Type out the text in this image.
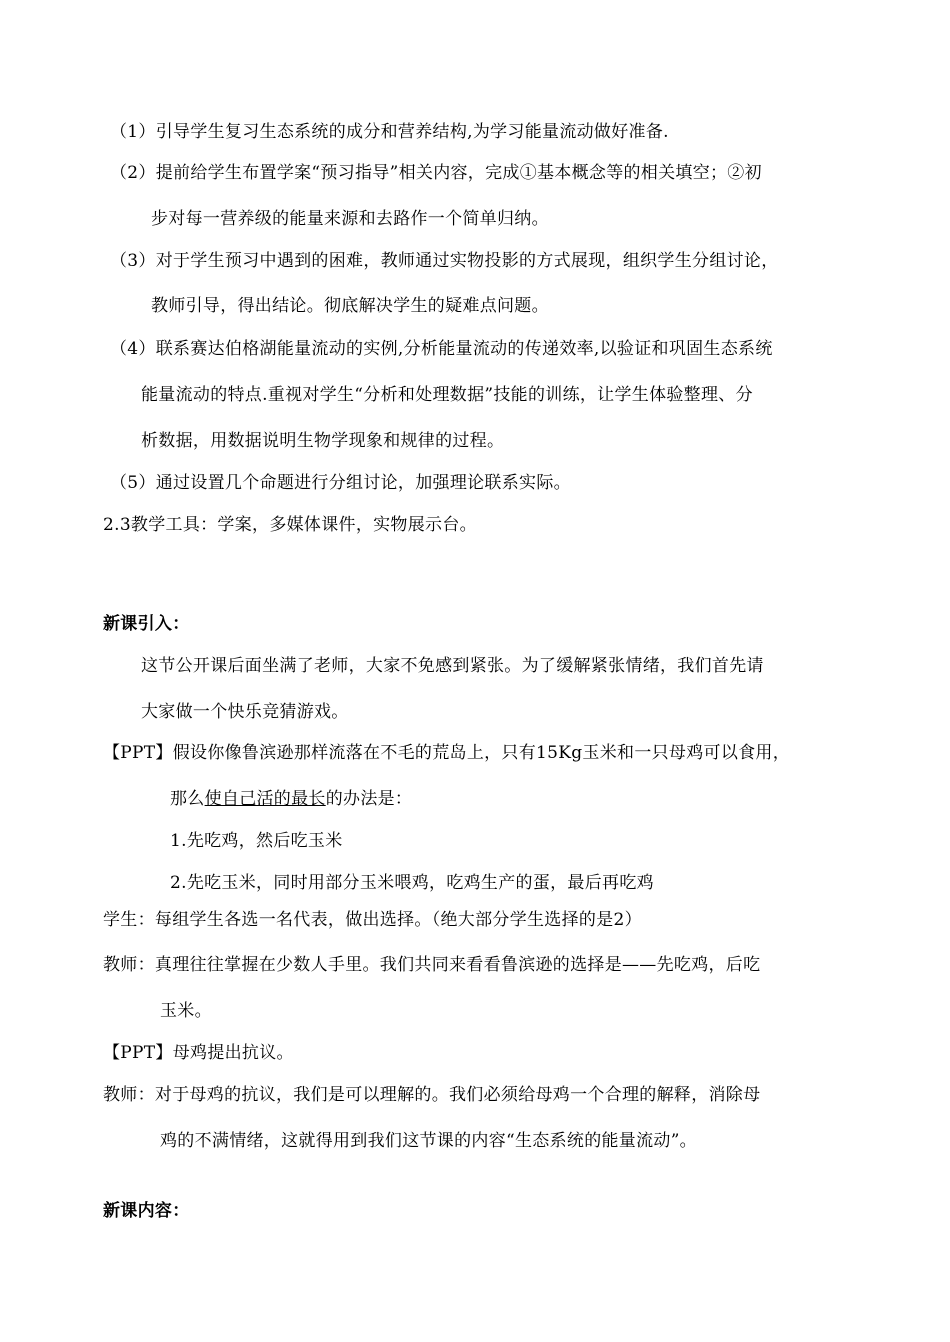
（1）引导学生复习生态系统的成分和营养结构,为学习能量流动做好准备.
（2）提前给学生布置学案“预习指导”相关内容，完成①基本概念等的相关填空；②初
步对每一营养级的能量来源和去路作一个简单归纳。
（3）对于学生预习中遇到的困难，教师通过实物投影的方式展现，组织学生分组讨论，
教师引导，得出结论。彻底解决学生的疑难点问题。
（4）联系赛达伯格湖能量流动的实例,分析能量流动的传递效率,以验证和巩固生态系统
能量流动的特点.重视对学生“分析和处理数据”技能的训练，让学生体验整理、分
析数据，用数据说明生物学现象和规律的过程。
（5）通过设置几个命题进行分组讨论，加强理论联系实际。
2.3教学工具：学案，多媒体课件，实物展示台。
新课引入：
这节公开课后面坐满了老师，大家不免感到紧张。为了缓解紧张情绪，我们首先请
大家做一个快乐竞猜游戏。
【PPT】假设你像鲁滨逊那样流落在不毛的荒岛上，只有15Kg玉米和一只母鸡可以食用，
那么使自己活的最长的办法是：
1.先吃鸡，然后吃玉米
2.先吃玉米，同时用部分玉米喂鸡，吃鸡生产的蛋，最后再吃鸡
学生：每组学生各选一名代表，做出选择。（绝大部分学生选择的是2）
教师：真理往往掌握在少数人手里。我们共同来看看鲁滨逊的选择是——先吃鸡，后吃
玉米。
【PPT】母鸡提出抗议。
教师：对于母鸡的抗议，我们是可以理解的。我们必须给母鸡一个合理的解释，消除母
鸡的不满情绪，这就得用到我们这节课的内容“生态系统的能量流动”。
新课内容：
